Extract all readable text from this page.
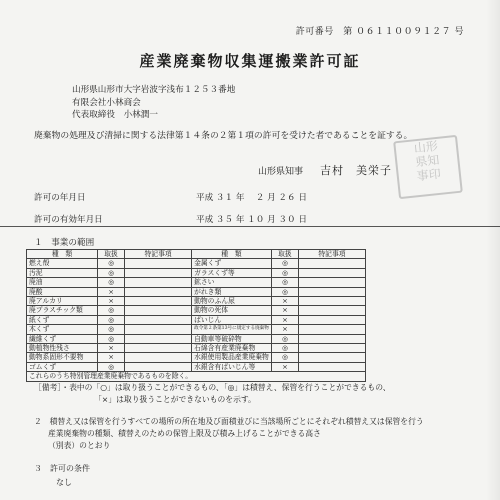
許可番号　第 ０６１１００９１２７ 号
産業廃棄物収集運搬業許可証
山形県山形市大字岩波字浅布１２５３番地
有限会社小林商会
代表取締役　小林潤一
廃棄物の処理及び清掃に関する法律第１４条の２第１項の許可を受けた者であることを証する。
山形県知事 吉村　美栄子
山形
県知
事印
許可の年月日	平成 ３１ 年　 ２ 月 ２６ 日
許可の有効年月日	平成 ３５ 年 １０ 月 ３０ 日
１　事業の範囲
種　類	取扱	特記事項	種　類	取扱	特記事項
燃え殻	◎		金属くず	◎	
汚泥	◎		ガラスくず等	◎	
廃油	◎		鉱さい	◎	
廃酸	×		がれき類	◎	
廃アルカリ	×		動物のふん尿	×	
廃プラスチック類	◎		動物の死体	×	
紙くず	◎		ばいじん	×	
木くず	◎		政令第２条第13号に規定する廃棄物	×	
繊維くず	◎		自動車等破砕物	◎	
動植物性残さ	×		石綿含有産業廃棄物	◎	
動物系固形不要物	×		水銀使用製品産業廃棄物	◎	
ゴムくず	◎		水銀含有ばいじん等	×	
これらのうち特別管理産業廃棄物であるものを除く。					
［備考］・表中の「○」は取り扱うことができるもの、「◎」は積替え、保管を行うことができるもの、
「×」は取り扱うことができないものを示す。
２　積替え又は保管を行うすべての場所の所在地及び面積並びに当該場所ごとにそれぞれ積替え又は保管を行う
産業廃棄物の種類、積替えのための保管上限及び積み上げることができる高さ
（別表）のとおり
３　許可の条件
なし
